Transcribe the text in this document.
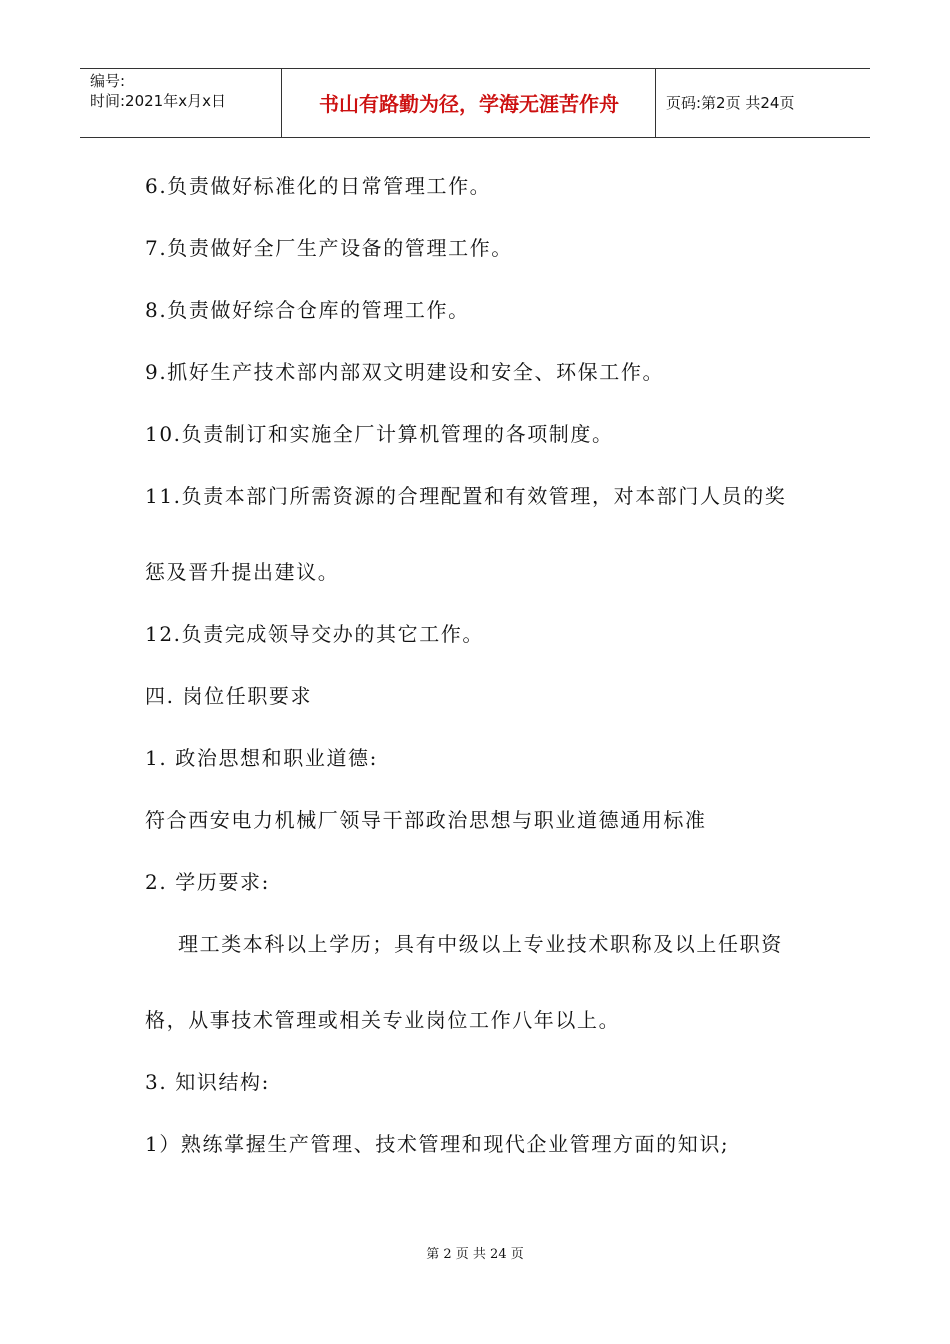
编号:
时间:2021年x月x日	书山有路勤为径，学海无涯苦作舟	页码:第2页 共24页
6.负责做好标准化的日常管理工作。
7.负责做好全厂生产设备的管理工作。
8.负责做好综合仓库的管理工作。
9.抓好生产技术部内部双文明建设和安全、环保工作。
10.负责制订和实施全厂计算机管理的各项制度。
11.负责本部门所需资源的合理配置和有效管理，对本部门人员的奖
惩及晋升提出建议。
12.负责完成领导交办的其它工作。
四. 岗位任职要求
1. 政治思想和职业道德:
符合西安电力机械厂领导干部政治思想与职业道德通用标准
2. 学历要求:
理工类本科以上学历；具有中级以上专业技术职称及以上任职资
格，从事技术管理或相关专业岗位工作八年以上。
3. 知识结构:
1）熟练掌握生产管理、技术管理和现代企业管理方面的知识;
第 2 页 共 24 页
